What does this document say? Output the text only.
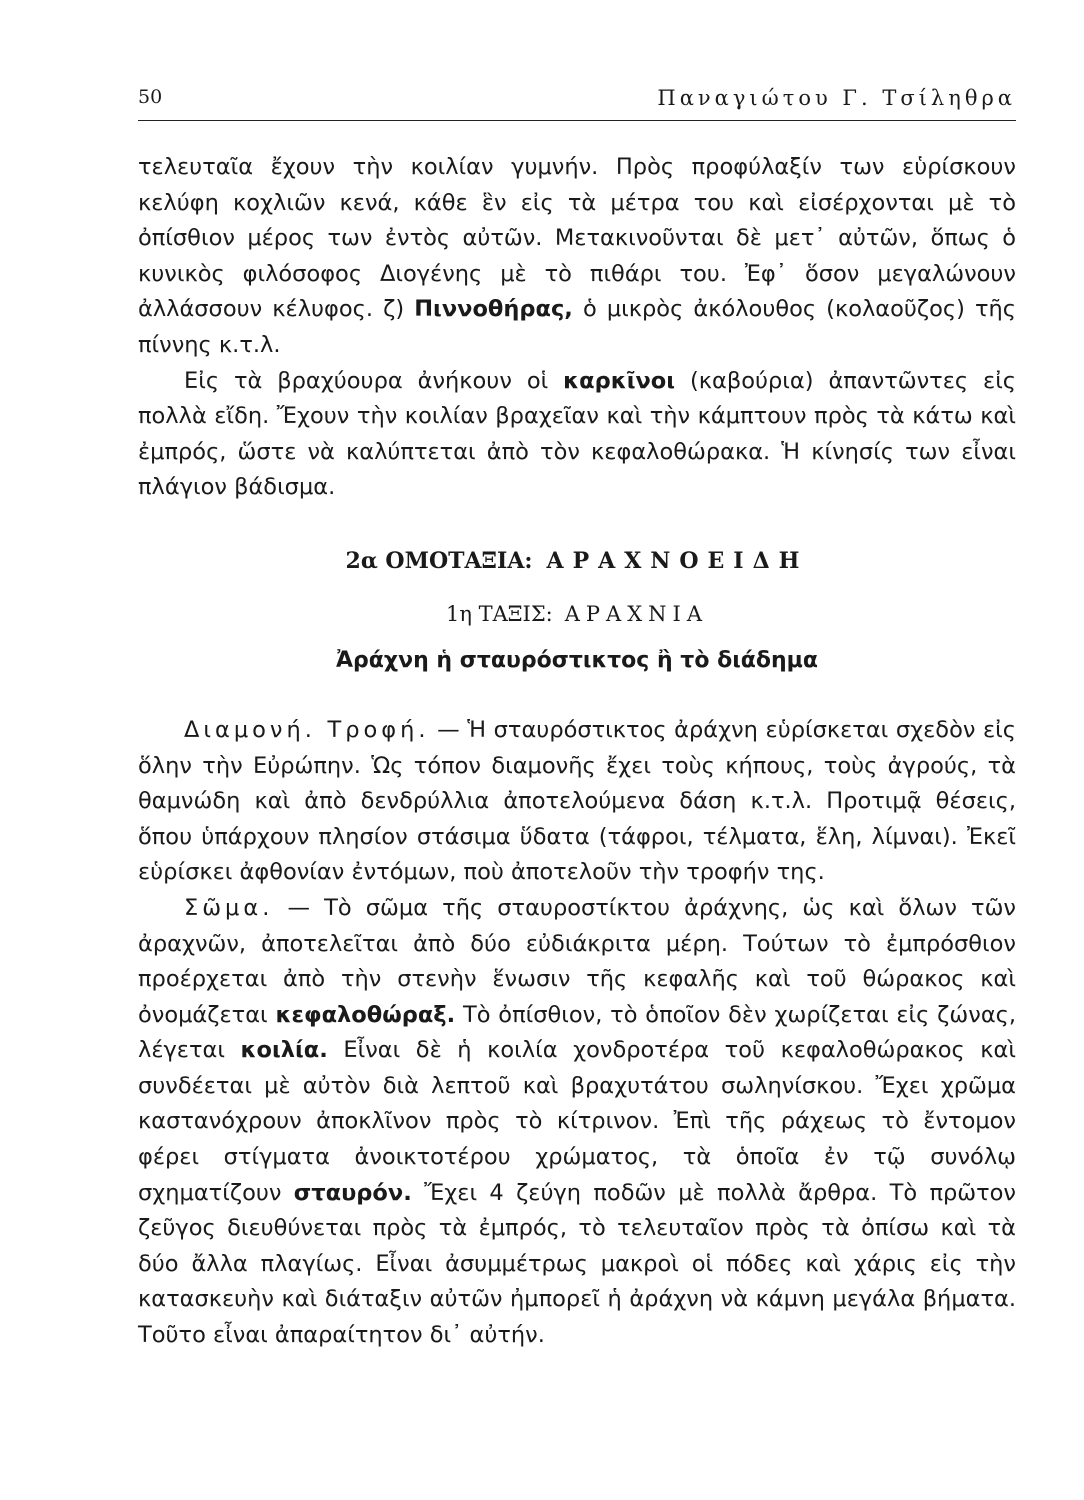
50	Παναγιώτου Γ. Τσίληθρα

τελευταῖα ἔχουν τὴν κοιλίαν γυμνήν. Πρὸς προφύλαξίν των εὑρίσκουν κελύφη κοχλιῶν κενά, κάθε ἓν εἰς τὰ μέτρα του καὶ εἰσέρχονται μὲ τὸ ὀπίσθιον μέρος των ἐντὸς αὐτῶν. Μετακινοῦνται δὲ μετ᾽ αὐτῶν, ὅπως ὁ κυνικὸς φιλόσοφος Διογένης μὲ τὸ πιθάρι του. Ἐφ᾽ ὅσον μεγαλώνουν ἀλλάσσουν κέλυφος. ζ) Πιννοθήρας, ὁ μικρὸς ἀκόλουθος (κολαοῦζος) τῆς πίννης κ.τ.λ.

Εἰς τὰ βραχύουρα ἀνήκουν οἱ καρκῖνοι (καβούρια) ἀπαντῶντες εἰς πολλὰ εἴδη. Ἔχουν τὴν κοιλίαν βραχεῖαν καὶ τὴν κάμπτουν πρὸς τὰ κάτω καὶ ἐμπρός, ὥστε νὰ καλύπτεται ἀπὸ τὸν κεφαλοθώρακα. Ἡ κίνησίς των εἶναι πλάγιον βάδισμα.

2α ΟΜΟΤΑΞΙΑ: ΑΡΑΧΝΟΕΙΔΗ
1η ΤΑΞΙΣ: ΑΡΑΧΝΙΑ
Ἀράχνη ἡ σταυρόστικτος ἢ τὸ διάδημα

Διαμονή. Τροφή. — Ἡ σταυρόστικτος ἀράχνη εὑρίσκεται σχεδὸν εἰς ὅλην τὴν Εὐρώπην. Ὡς τόπον διαμονῆς ἔχει τοὺς κήπους, τοὺς ἀγρούς, τὰ θαμνώδη καὶ ἀπὸ δενδρύλλια ἀποτελούμενα δάση κ.τ.λ. Προτιμᾷ θέσεις, ὅπου ὑπάρχουν πλησίον στάσιμα ὕδατα (τάφροι, τέλματα, ἕλη, λίμναι). Ἐκεῖ εὑρίσκει ἀφθονίαν ἐντόμων, ποὺ ἀποτελοῦν τὴν τροφήν της.

Σῶμα. — Τὸ σῶμα τῆς σταυροστίκτου ἀράχνης, ὡς καὶ ὅλων τῶν ἀραχνῶν, ἀποτελεῖται ἀπὸ δύο εὐδιάκριτα μέρη. Τούτων τὸ ἐμπρόσθιον προέρχεται ἀπὸ τὴν στενὴν ἕνωσιν τῆς κεφαλῆς καὶ τοῦ θώρακος καὶ ὀνομάζεται κεφαλοθώραξ. Τὸ ὀπίσθιον, τὸ ὁποῖον δὲν χωρίζεται εἰς ζώνας, λέγεται κοιλία. Εἶναι δὲ ἡ κοιλία χονδροτέρα τοῦ κεφαλοθώρακος καὶ συνδέεται μὲ αὐτὸν διὰ λεπτοῦ καὶ βραχυτάτου σωληνίσκου. Ἔχει χρῶμα καστανόχρουν ἀποκλῖνον πρὸς τὸ κίτρινον. Ἐπὶ τῆς ράχεως τὸ ἔντομον φέρει στίγματα ἀνοικτοτέρου χρώματος, τὰ ὁποῖα ἐν τῷ συνόλῳ σχηματίζουν σταυρόν. Ἔχει 4 ζεύγη ποδῶν μὲ πολλὰ ἄρθρα. Τὸ πρῶτον ζεῦγος διευθύνεται πρὸς τὰ ἐμπρός, τὸ τελευταῖον πρὸς τὰ ὀπίσω καὶ τὰ δύο ἄλλα πλαγίως. Εἶναι ἀσυμμέτρως μακροὶ οἱ πόδες καὶ χάρις εἰς τὴν κατασκευὴν καὶ διάταξιν αὐτῶν ἠμπορεῖ ἡ ἀράχνη νὰ κάμνη μεγάλα βήματα. Τοῦτο εἶναι ἀπαραίτητον δι᾽ αὐτήν.
